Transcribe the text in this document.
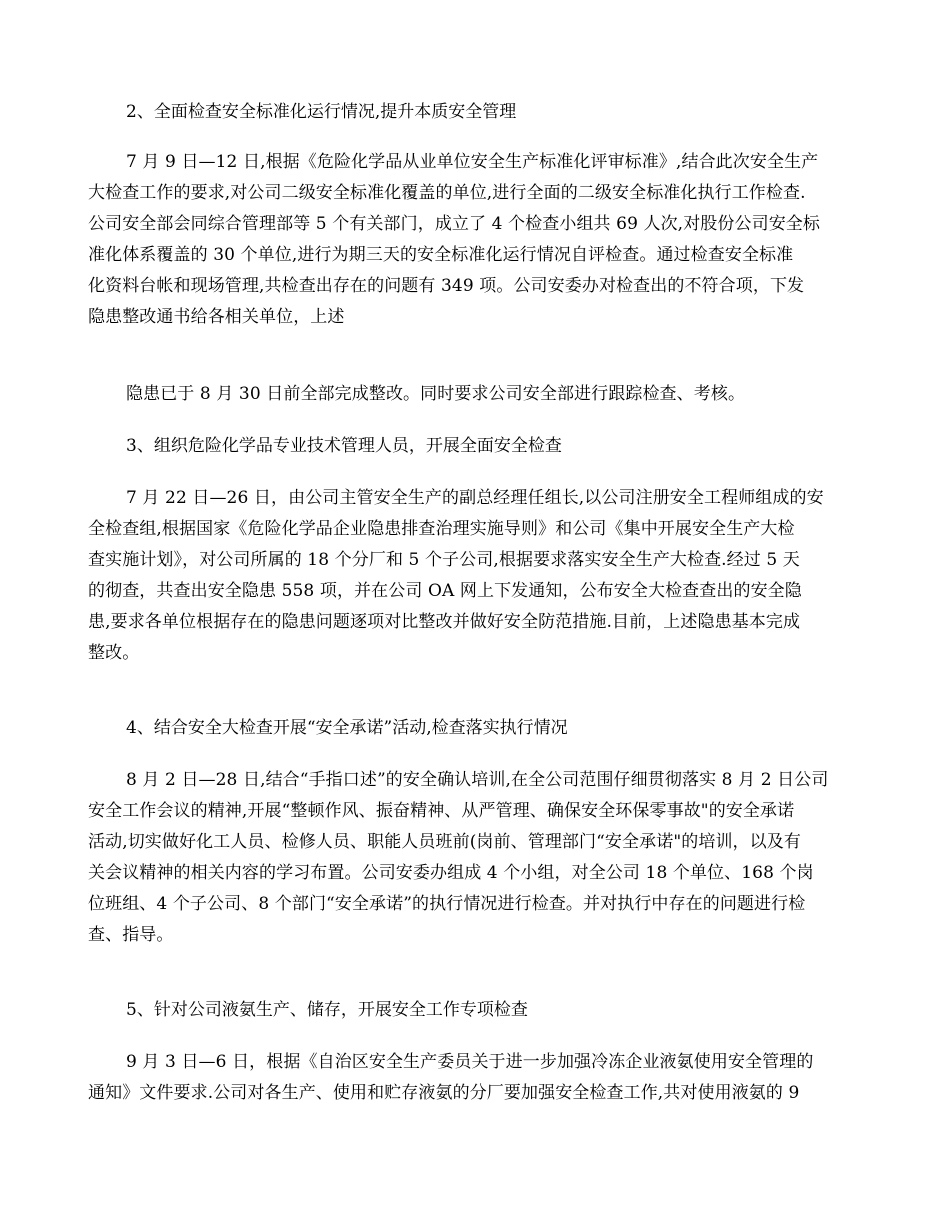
2、全面检查安全标准化运行情况,提升本质安全管理
7 月 9 日—12 日,根据《危险化学品从业单位安全生产标准化评审标准》,结合此次安全生产
大检查工作的要求,对公司二级安全标准化覆盖的单位,进行全面的二级安全标准化执行工作检查.
公司安全部会同综合管理部等 5 个有关部门，成立了 4 个检查小组共 69 人次,对股份公司安全标
准化体系覆盖的 30 个单位,进行为期三天的安全标准化运行情况自评检查。通过检查安全标准
化资料台帐和现场管理,共检查出存在的问题有 349 项。公司安委办对检查出的不符合项，下发
隐患整改通书给各相关单位，上述
隐患已于 8 月 30 日前全部完成整改。同时要求公司安全部进行跟踪检查、考核。
3、组织危险化学品专业技术管理人员，开展全面安全检查
7 月 22 日—26 日，由公司主管安全生产的副总经理任组长,以公司注册安全工程师组成的安
全检查组,根据国家《危险化学品企业隐患排查治理实施导则》和公司《集中开展安全生产大检
查实施计划》，对公司所属的 18 个分厂和 5 个子公司,根据要求落实安全生产大检查.经过 5 天
的彻查，共查出安全隐患 558 项，并在公司 OA 网上下发通知，公布安全大检查查出的安全隐
患,要求各单位根据存在的隐患问题逐项对比整改并做好安全防范措施.目前，上述隐患基本完成
整改。
4、结合安全大检查开展“安全承诺”活动,检查落实执行情况
8 月 2 日—28 日,结合“手指口述”的安全确认培训,在全公司范围仔细贯彻落实 8 月 2 日公司
安全工作会议的精神,开展“整顿作风、振奋精神、从严管理、确保安全环保零事故"的安全承诺
活动,切实做好化工人员、检修人员、职能人员班前(岗前、管理部门“安全承诺"的培训，以及有
关会议精神的相关内容的学习布置。公司安委办组成 4 个小组，对全公司 18 个单位、168 个岗
位班组、4 个子公司、8 个部门“安全承诺”的执行情况进行检查。并对执行中存在的问题进行检
查、指导。
5、针对公司液氨生产、储存，开展安全工作专项检查
9 月 3 日—6 日，根据《自治区安全生产委员关于进一步加强冷冻企业液氨使用安全管理的
通知》文件要求.公司对各生产、使用和贮存液氨的分厂要加强安全检查工作,共对使用液氨的 9
